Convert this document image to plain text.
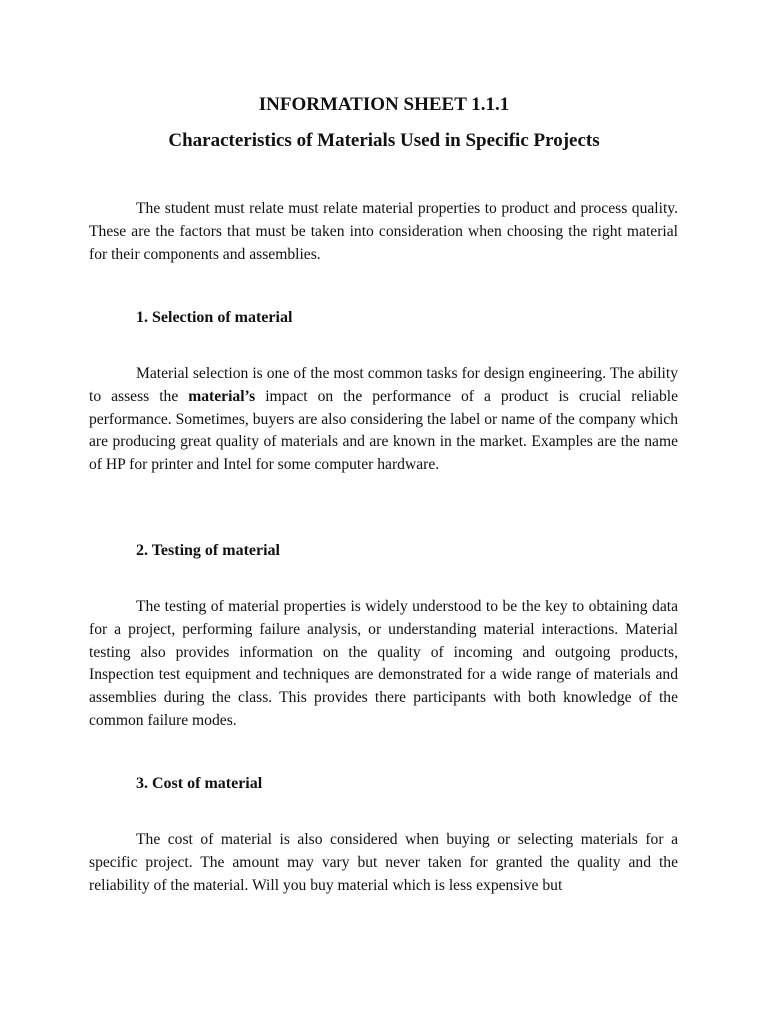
INFORMATION SHEET 1.1.1
Characteristics of Materials Used in Specific Projects

The student must relate must relate material properties to product and process quality. These are the factors that must be taken into consideration when choosing the right material for their components and assemblies.

1. Selection of material

Material selection is one of the most common tasks for design engineering. The ability to assess the material’s impact on the performance of a product is crucial reliable performance. Sometimes, buyers are also considering the label or name of the company which are producing great quality of materials and are known in the market. Examples are the name of HP for printer and Intel for some computer hardware.

2. Testing of material

The testing of material properties is widely understood to be the key to obtaining data for a project, performing failure analysis, or understanding material interactions. Material testing also provides information on the quality of incoming and outgoing products, Inspection test equipment and techniques are demonstrated for a wide range of materials and assemblies during the class. This provides there participants with both knowledge of the common failure modes.

3. Cost of material

The cost of material is also considered when buying or selecting materials for a specific project. The amount may vary but never taken for granted the quality and the reliability of the material. Will you buy material which is less expensive but
